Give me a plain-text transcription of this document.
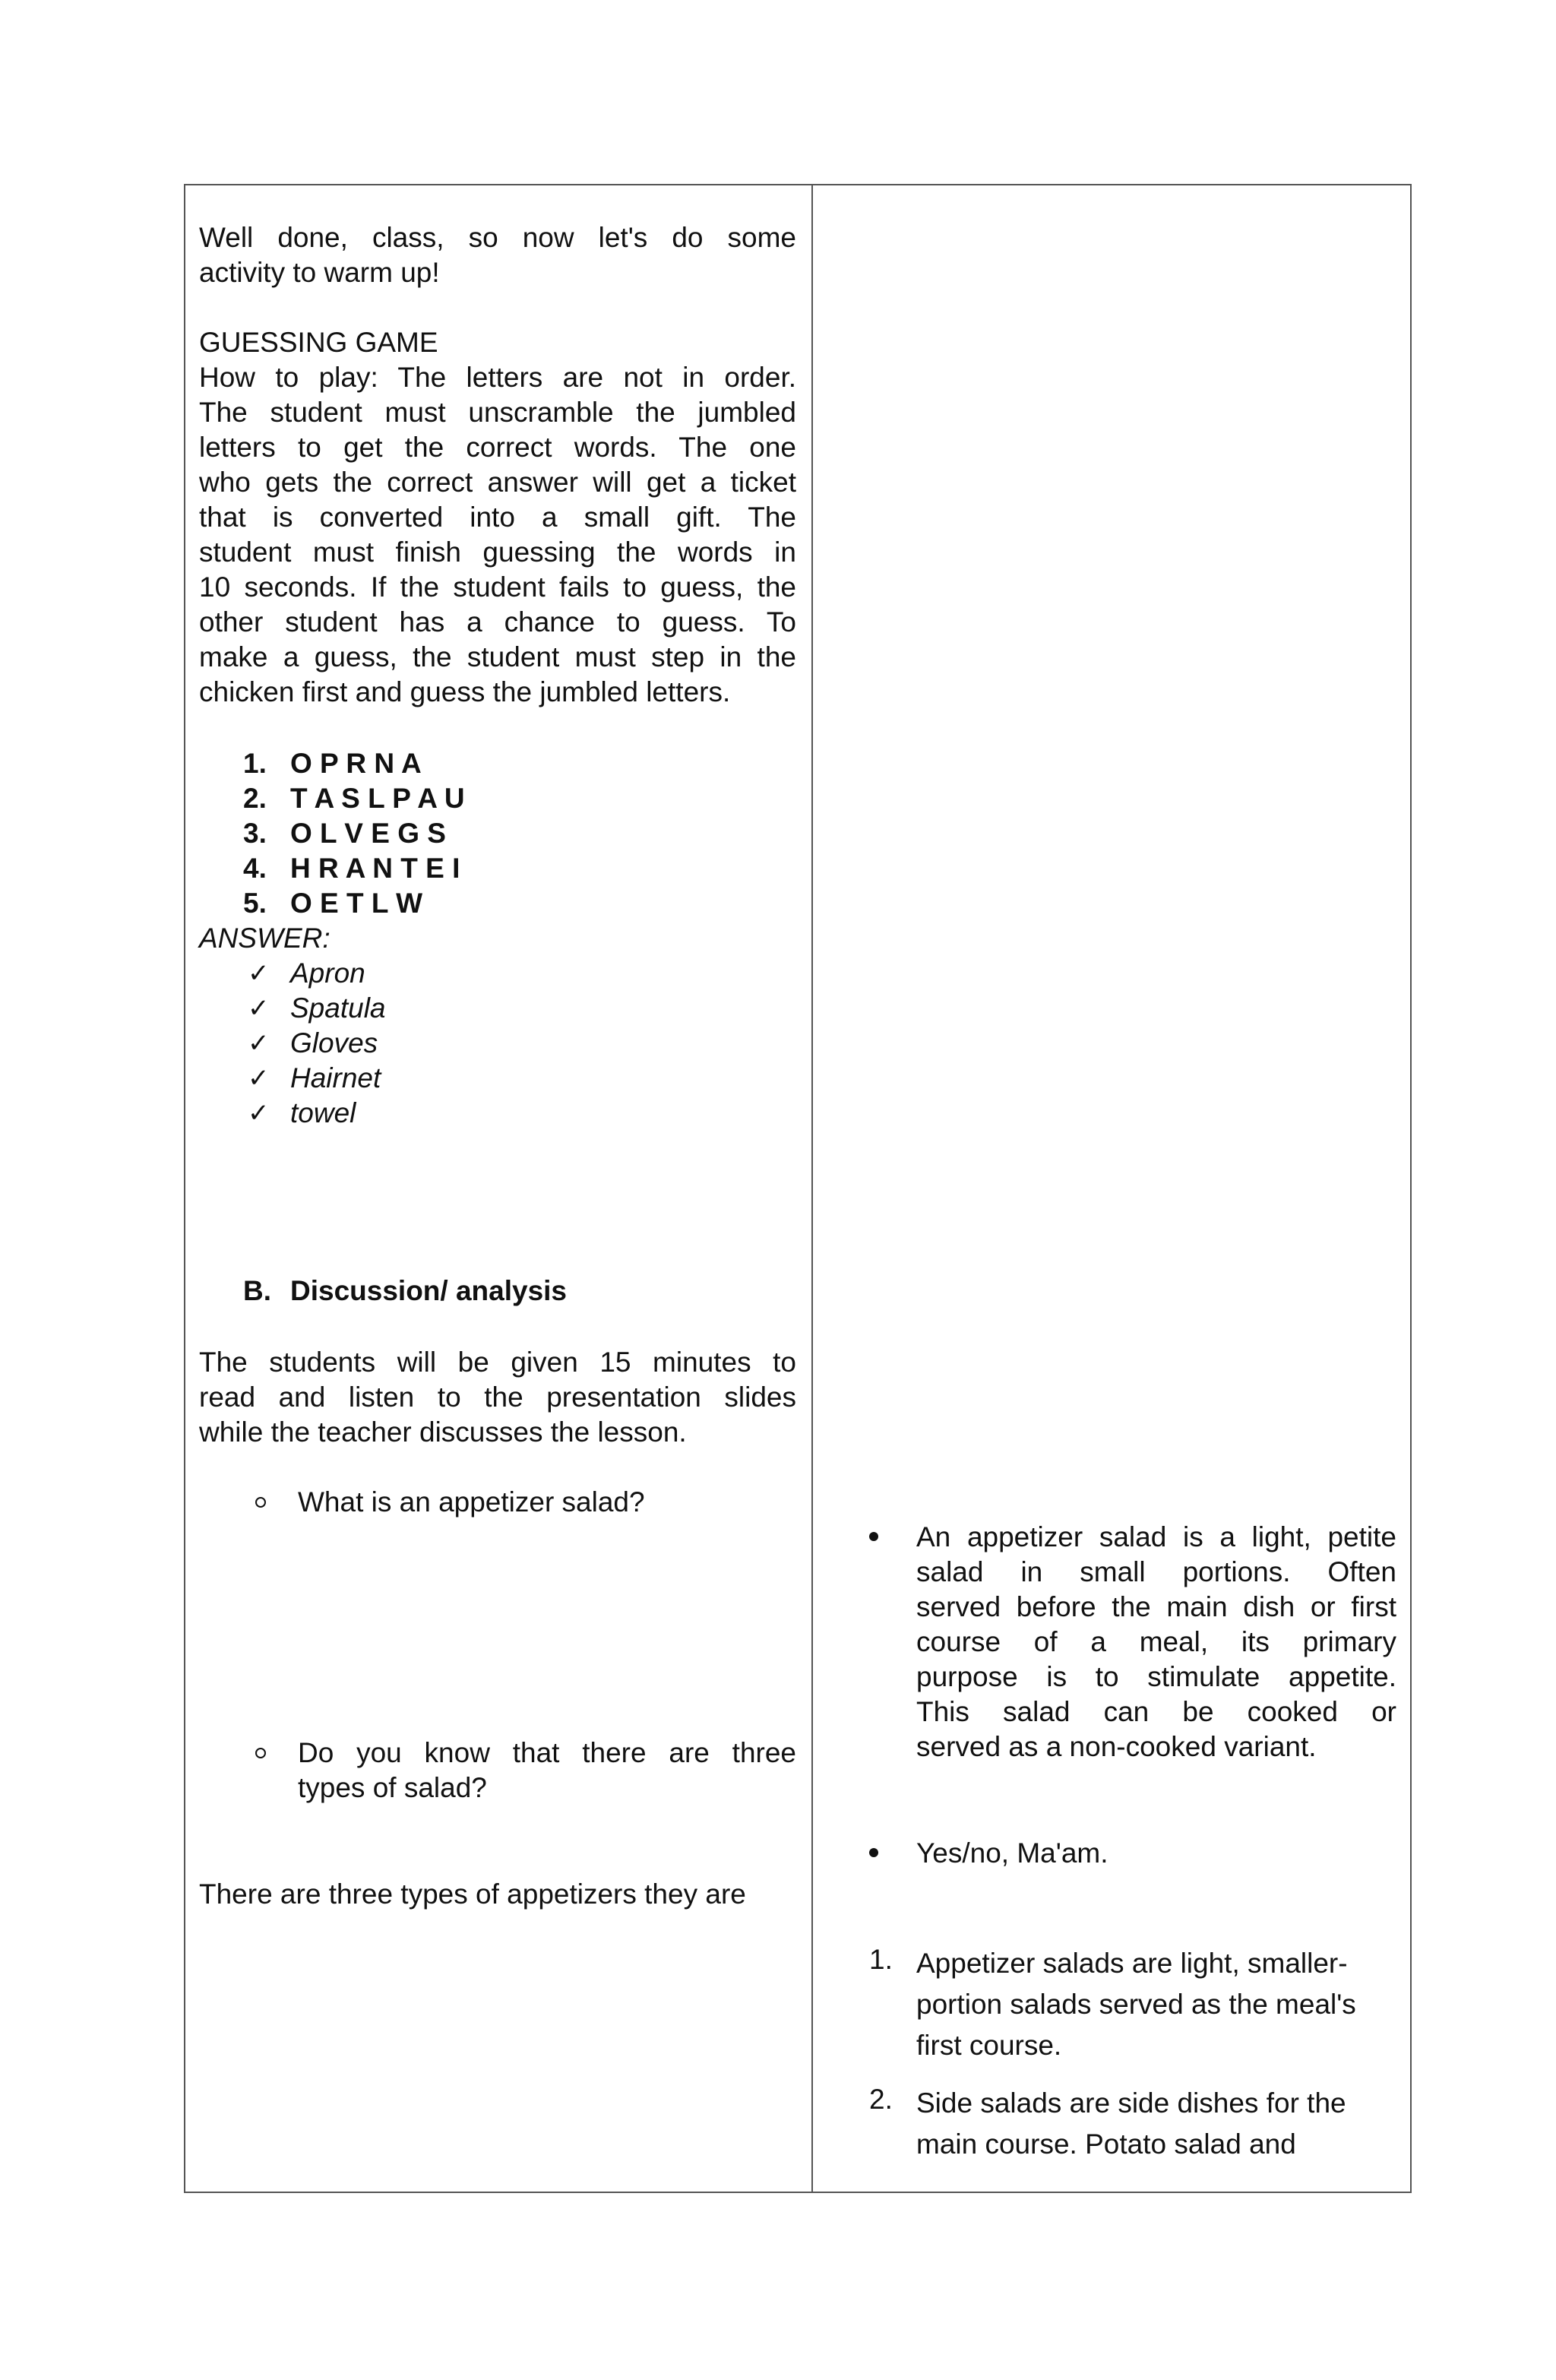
Well done, class, so now let's do some
activity to warm up!
GUESSING GAME
How to play: The letters are not in order.
The student must unscramble the jumbled
letters to get the correct words. The one
who gets the correct answer will get a ticket
that is converted into a small gift. The
student must finish guessing the words in
10 seconds. If the student fails to guess, the
other student has a chance to guess. To
make a guess, the student must step in the
chicken first and guess the jumbled letters.
1. O P R N A
2. T A S L P A U
3. O L V E G S
4. H R A N T E I
5. O E T L W
ANSWER:
✓ Apron
✓ Spatula
✓ Gloves
✓ Hairnet
✓ towel
B. Discussion/ analysis
The students will be given 15 minutes to
read and listen to the presentation slides
while the teacher discusses the lesson.
What is an appetizer salad?
Do you know that there are three
types of salad?
There are three types of appetizers they are
An appetizer salad is a light, petite
salad in small portions. Often
served before the main dish or first
course of a meal, its primary
purpose is to stimulate appetite.
This salad can be cooked or
served as a non-cooked variant.
Yes/no, Ma'am.
1. Appetizer salads are light, smaller-
portion salads served as the meal's
first course.
2. Side salads are side dishes for the
main course. Potato salad and
